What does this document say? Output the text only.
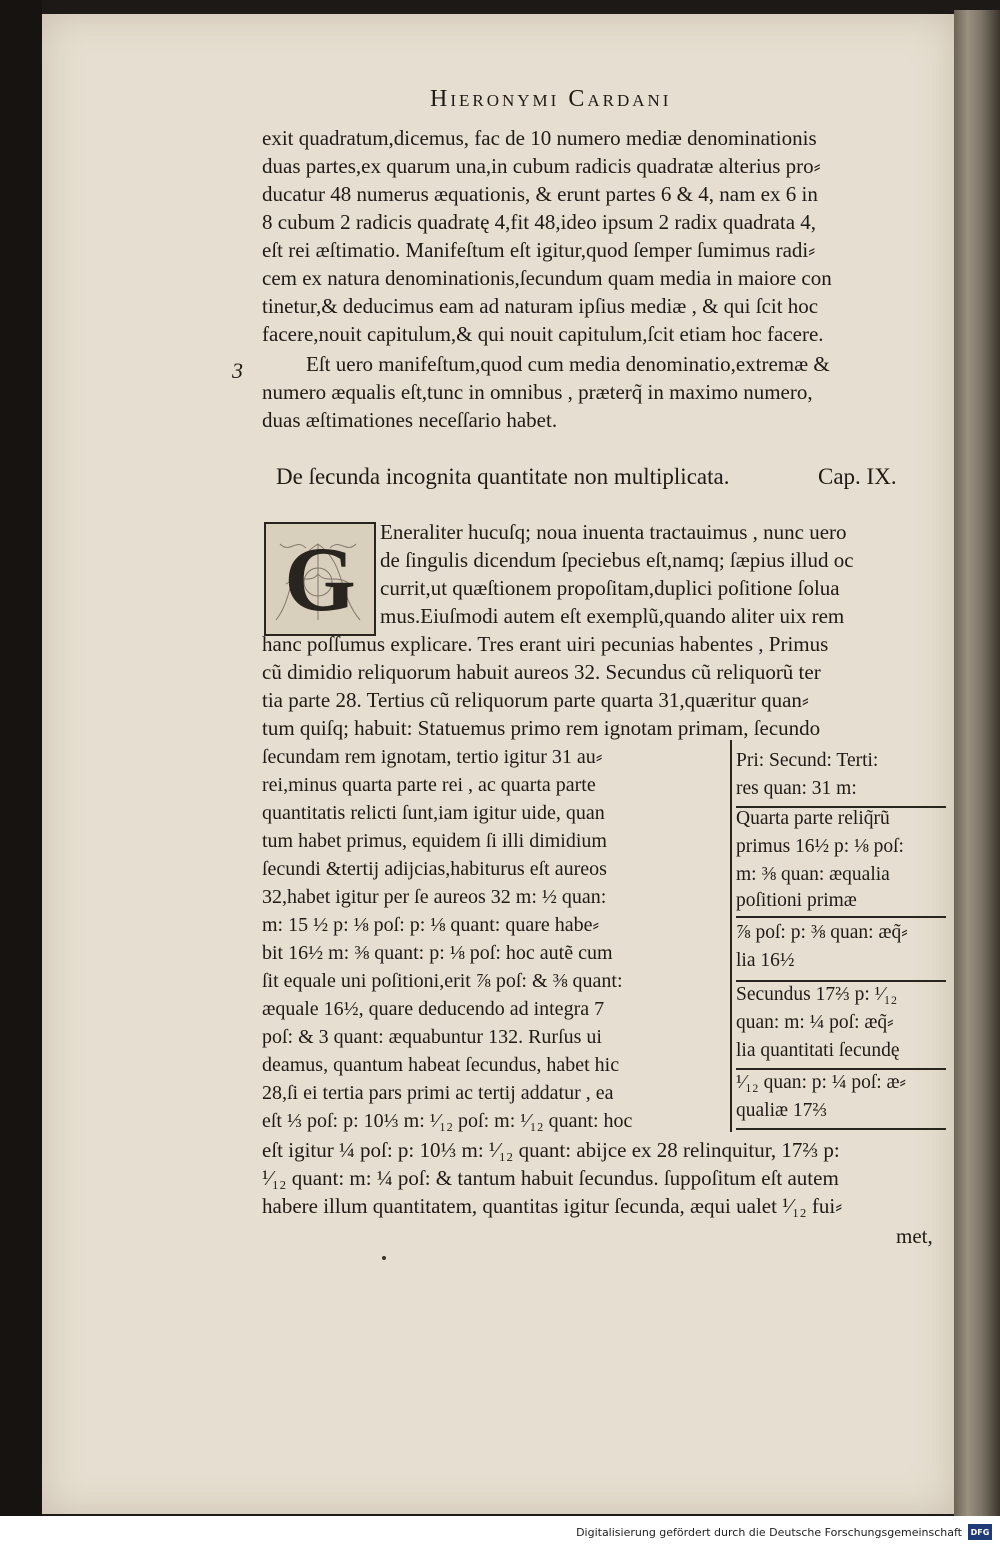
Hieronymi Cardani

exit quadratum,dicemus, fac de 10 numero mediæ denominationis

duas partes,ex quarum una,in cubum radicis quadratæ alterius pro⸗

ducatur 48 numerus æquationis, & erunt partes 6 & 4, nam ex 6 in

8 cubum 2 radicis quadratę 4,fit 48,ideo ipsum 2 radix quadrata 4,

eſt rei æſtimatio. Manifeſtum eſt igitur,quod ſemper ſumimus radi⸗

cem ex natura denominationis,ſecundum quam media in maiore con

tinetur,& deducimus eam ad naturam ipſius mediæ , & qui ſcit hoc

facere,nouit capitulum,& qui nouit capitulum,ſcit etiam hoc facere.

3	Eſt uero manifeſtum,quod cum media denominatio,extremæ &

numero æqualis eſt,tunc in omnibus , præterq̃ in maximo numero,

duas æſtimationes neceſſario habet.

De ſecunda incognita quantitate non multiplicata.	Cap. IX.

G Eneraliter hucuſq; noua inuenta tractauimus , nunc uero

de ſingulis dicendum ſpeciebus eſt,namq; ſæpius illud oc

currit,ut quæſtionem propoſitam,duplici poſitione ſolua

mus.Eiuſmodi autem eſt exemplũ,quando aliter uix rem

hanc poſſumus explicare. Tres erant uiri pecunias habentes , Primus

cũ dimidio reliquorum habuit aureos 32. Secundus cũ reliquorũ ter

tia parte 28. Tertius cũ reliquorum parte quarta 31,quæritur quan⸗

tum quiſq; habuit: Statuemus primo rem ignotam primam, ſecundo

ſecundam rem ignotam, tertio igitur 31 au⸗

rei,minus quarta parte rei , ac quarta parte

quantitatis relicti ſunt,iam igitur uide, quan

tum habet primus, equidem ſi illi dimidium

ſecundi &tertij adijcias,habiturus eſt aureos

32,habet igitur per ſe aureos 32 m: ½ quan:

m: 15 ½ p: ⅛ poſ: p: ⅛ quant: quare habe⸗

bit 16½ m: ⅜ quant: p: ⅛ poſ: hoc autẽ cum

ſit equale uni poſitioni,erit ⅞ poſ: & ⅜ quant:

æquale 16½, quare deducendo ad integra 7

poſ: & 3 quant: æquabuntur 132. Rurſus ui

deamus, quantum habeat ſecundus, habet hic

28,ſi ei tertia pars primi ac tertij addatur , ea

eſt ⅓ poſ: p: 10⅓ m: ¹⁄₁₂ poſ: m: ¹⁄₁₂ quant: hoc

Pri: Secund: Terti:

res quan: 31 m:

Quarta parte reliq̃rũ

primus 16½ p: ⅛ poſ:

m: ⅜ quan: æqualia

poſitioni primæ

⅞ poſ: p: ⅜ quan: æq̃⸗

lia 16½

Secundus 17⅔ p: ¹⁄₁₂

quan: m: ¼ poſ: æq̃⸗

lia quantitati ſecundę

¹⁄₁₂ quan: p: ¼ poſ: æ⸗

qualiæ 17⅔

eſt igitur ¼ poſ: p: 10⅓ m: ¹⁄₁₂ quant: abijce ex 28 relinquitur, 17⅔ p:

¹⁄₁₂ quant: m: ¼ poſ: & tantum habuit ſecundus. ſuppoſitum eſt autem

habere illum quantitatem, quantitas igitur ſecunda, æqui ualet ¹⁄₁₂ fui⸗

met,

Digitalisierung gefördert durch die Deutsche Forschungsgemeinschaft	DFG
